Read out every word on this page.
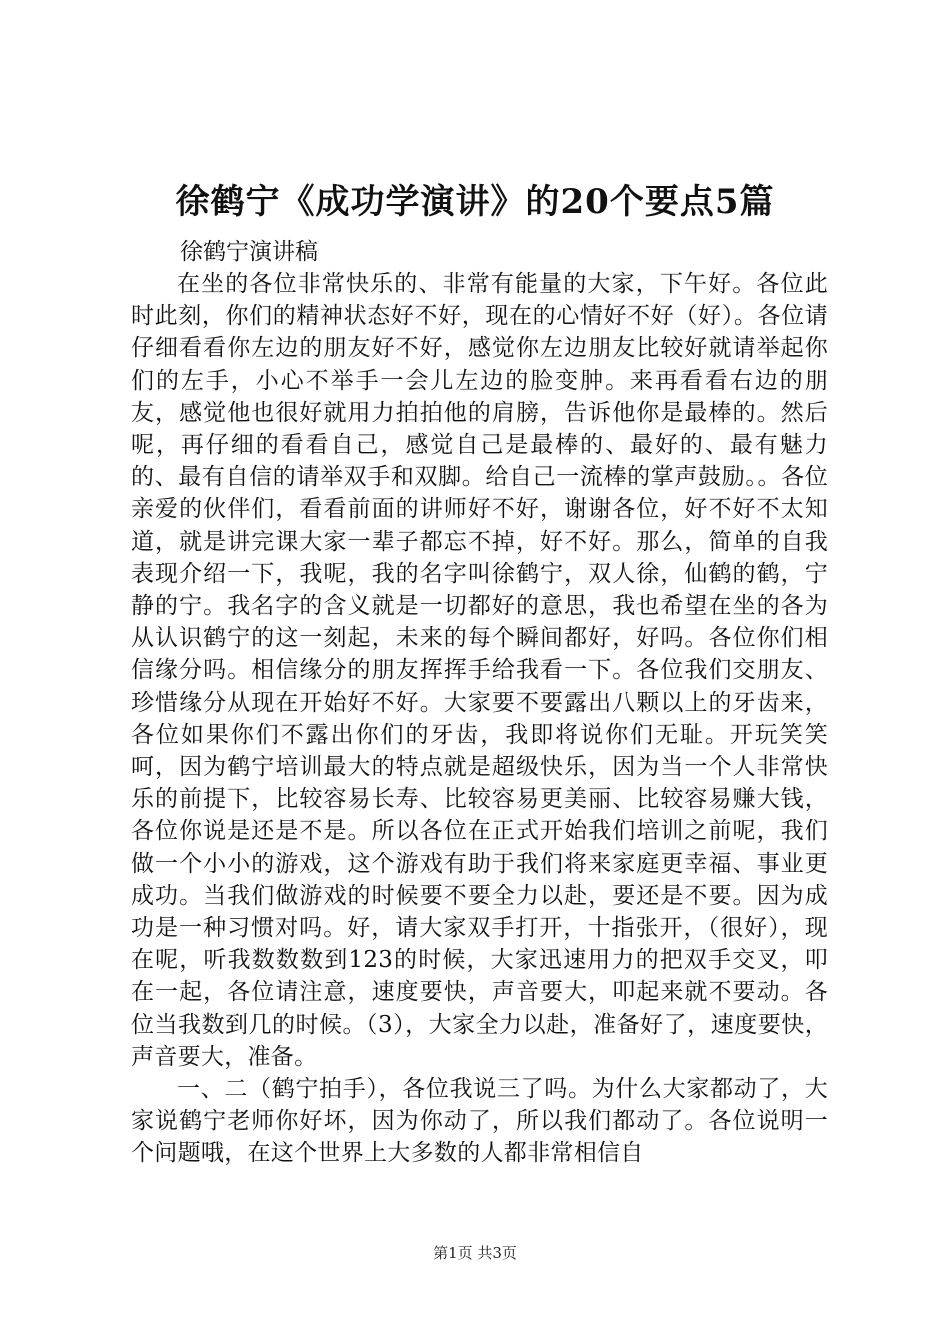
徐鹤宁《成功学演讲》的20个要点5篇
徐鹤宁演讲稿

在坐的各位非常快乐的、非常有能量的大家，下午好。各位此时此刻，你们的精神状态好不好，现在的心情好不好（好）。各位请仔细看看你左边的朋友好不好，感觉你左边朋友比较好就请举起你们的左手，小心不举手一会儿左边的脸变肿。来再看看右边的朋友，感觉他也很好就用力拍拍他的肩膀，告诉他你是最棒的。然后呢，再仔细的看看自己，感觉自己是最棒的、最好的、最有魅力的、最有自信的请举双手和双脚。给自己一流棒的掌声鼓励。。各位亲爱的伙伴们，看看前面的讲师好不好，谢谢各位，好不好不太知道，就是讲完课大家一辈子都忘不掉，好不好。那么，简单的自我表现介绍一下，我呢，我的名字叫徐鹤宁，双人徐，仙鹤的鹤，宁静的宁。我名字的含义就是一切都好的意思，我也希望在坐的各为从认识鹤宁的这一刻起，未来的每个瞬间都好，好吗。各位你们相信缘分吗。相信缘分的朋友挥挥手给我看一下。各位我们交朋友、珍惜缘分从现在开始好不好。大家要不要露出八颗以上的牙齿来，各位如果你们不露出你们的牙齿，我即将说你们无耻。开玩笑笑呵，因为鹤宁培训最大的特点就是超级快乐，因为当一个人非常快乐的前提下，比较容易长寿、比较容易更美丽、比较容易赚大钱，各位你说是还是不是。所以各位在正式开始我们培训之前呢，我们做一个小小的游戏，这个游戏有助于我们将来家庭更幸福、事业更成功。当我们做游戏的时候要不要全力以赴，要还是不要。因为成功是一种习惯对吗。好，请大家双手打开，十指张开，（很好），现在呢，听我数数数到123的时候，大家迅速用力的把双手交叉，叩在一起，各位请注意，速度要快，声音要大，叩起来就不要动。各位当我数到几的时候。（3），大家全力以赴，准备好了，速度要快，声音要大，准备。

一、二（鹤宁拍手），各位我说三了吗。为什么大家都动了，大家说鹤宁老师你好坏，因为你动了，所以我们都动了。各位说明一个问题哦，在这个世界上大多数的人都非常相信自

第1页 共3页
